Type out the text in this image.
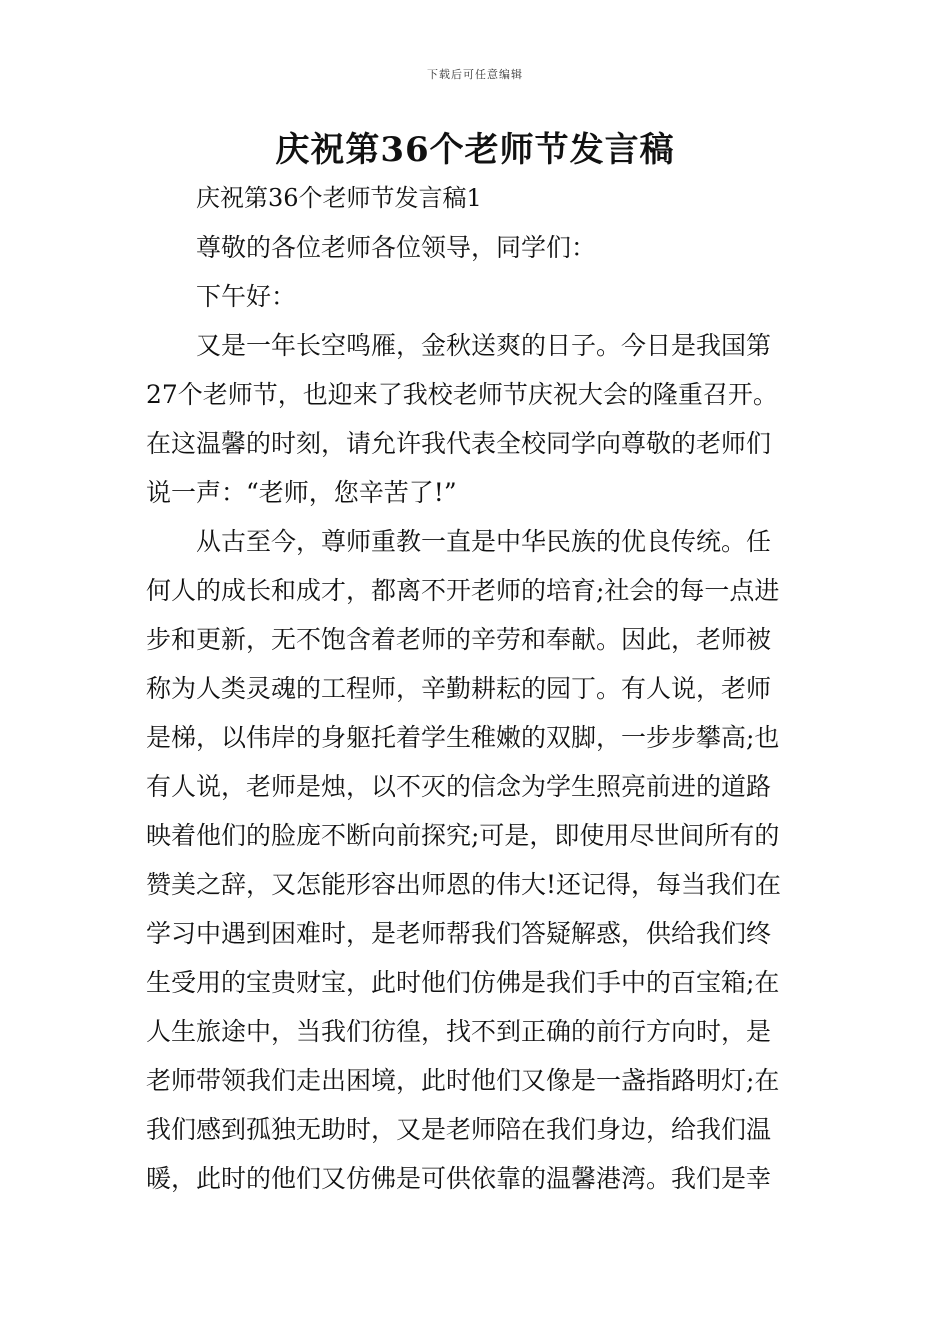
下载后可任意编辑
庆祝第36个老师节发言稿
庆祝第36个老师节发言稿1
尊敬的各位老师各位领导，同学们：
下午好：
又是一年长空鸣雁，金秋送爽的日子。今日是我国第
27个老师节，也迎来了我校老师节庆祝大会的隆重召开。
在这温馨的时刻，请允许我代表全校同学向尊敬的老师们
说一声：“老师，您辛苦了!”
从古至今，尊师重教一直是中华民族的优良传统。任
何人的成长和成才，都离不开老师的培育;社会的每一点进
步和更新，无不饱含着老师的辛劳和奉献。因此，老师被
称为人类灵魂的工程师，辛勤耕耘的园丁。有人说，老师
是梯，以伟岸的身躯托着学生稚嫩的双脚，一步步攀高;也
有人说，老师是烛，以不灭的信念为学生照亮前进的道路
映着他们的脸庞不断向前探究;可是，即使用尽世间所有的
赞美之辞，又怎能形容出师恩的伟大!还记得，每当我们在
学习中遇到困难时，是老师帮我们答疑解惑，供给我们终
生受用的宝贵财宝，此时他们仿佛是我们手中的百宝箱;在
人生旅途中，当我们彷徨，找不到正确的前行方向时，是
老师带领我们走出困境，此时他们又像是一盏指路明灯;在
我们感到孤独无助时，又是老师陪在我们身边，给我们温
暖，此时的他们又仿佛是可供依靠的温馨港湾。我们是幸
